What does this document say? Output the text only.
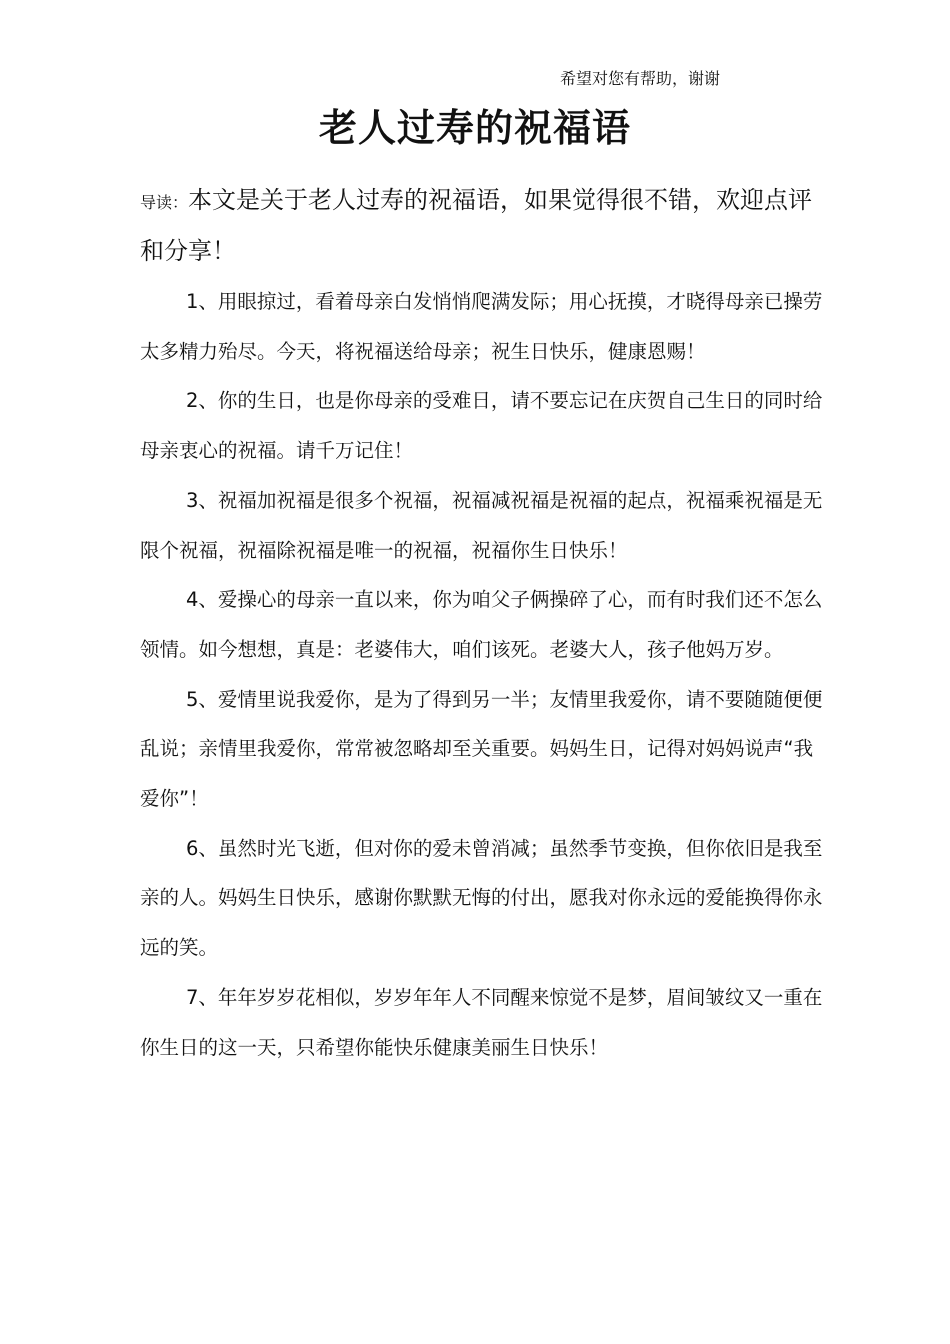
希望对您有帮助，谢谢
老人过寿的祝福语

导读：本文是关于老人过寿的祝福语，如果觉得很不错，欢迎点评和分享！

1、用眼掠过，看着母亲白发悄悄爬满发际；用心抚摸，才晓得母亲已操劳太多精力殆尽。今天，将祝福送给母亲；祝生日快乐，健康恩赐！

2、你的生日，也是你母亲的受难日，请不要忘记在庆贺自己生日的同时给母亲衷心的祝福。请千万记住！

3、祝福加祝福是很多个祝福，祝福减祝福是祝福的起点，祝福乘祝福是无限个祝福，祝福除祝福是唯一的祝福，祝福你生日快乐！

4、爱操心的母亲一直以来，你为咱父子俩操碎了心，而有时我们还不怎么领情。如今想想，真是：老婆伟大，咱们该死。老婆大人，孩子他妈万岁。

5、爱情里说我爱你，是为了得到另一半；友情里我爱你，请不要随随便便乱说；亲情里我爱你，常常被忽略却至关重要。妈妈生日，记得对妈妈说声“我爱你”！

6、虽然时光飞逝，但对你的爱未曾消减；虽然季节变换，但你依旧是我至亲的人。妈妈生日快乐，感谢你默默无悔的付出，愿我对你永远的爱能换得你永远的笑。

7、年年岁岁花相似，岁岁年年人不同醒来惊觉不是梦，眉间皱纹又一重在你生日的这一天，只希望你能快乐健康美丽生日快乐！
